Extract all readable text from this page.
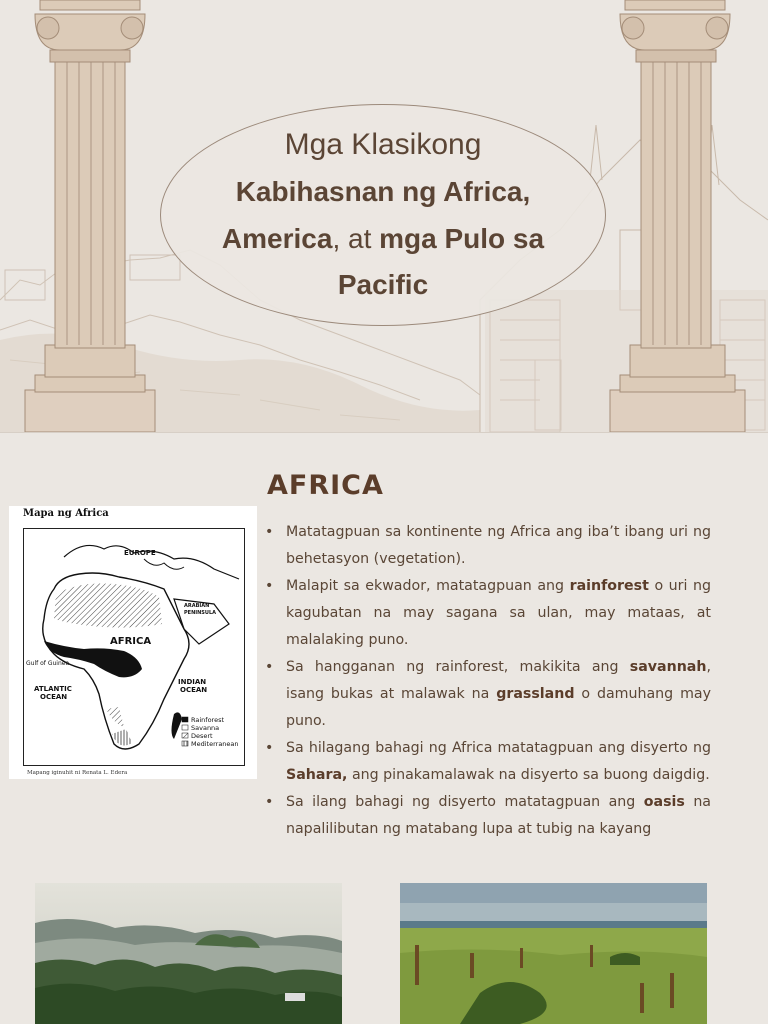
Mga Klasikong
Kabihasnan ng Africa,
America, at mga Pulo sa
Pacific
AFRICA
Mapa ng Africa
EUROPE
ARABIAN
PENINSULA
AFRICA
Gulf of Guinea
ATLANTIC
OCEAN
INDIAN
OCEAN
Rainforest
Savanna
Desert
Mediterranean
Mapang iginuhit ni Renata L. Edera
• Matatagpuan sa kontinente ng Africa ang iba’t ibang uri ng behetasyon (vegetation).
• Malapit sa ekwador, matatagpuan ang rainforest o uri ng kagubatan na may sagana sa ulan, may mataas, at malalaking puno.
• Sa hangganan ng rainforest, makikita ang savannah, isang bukas at malawak na grassland o damuhang may puno.
• Sa hilagang bahagi ng Africa matatagpuan ang disyerto ng Sahara, ang pinakamalawak na disyerto sa buong daigdig.
• Sa ilang bahagi ng disyerto matatagpuan ang oasis na napalilibutan ng matabang lupa at tubig na kayang
